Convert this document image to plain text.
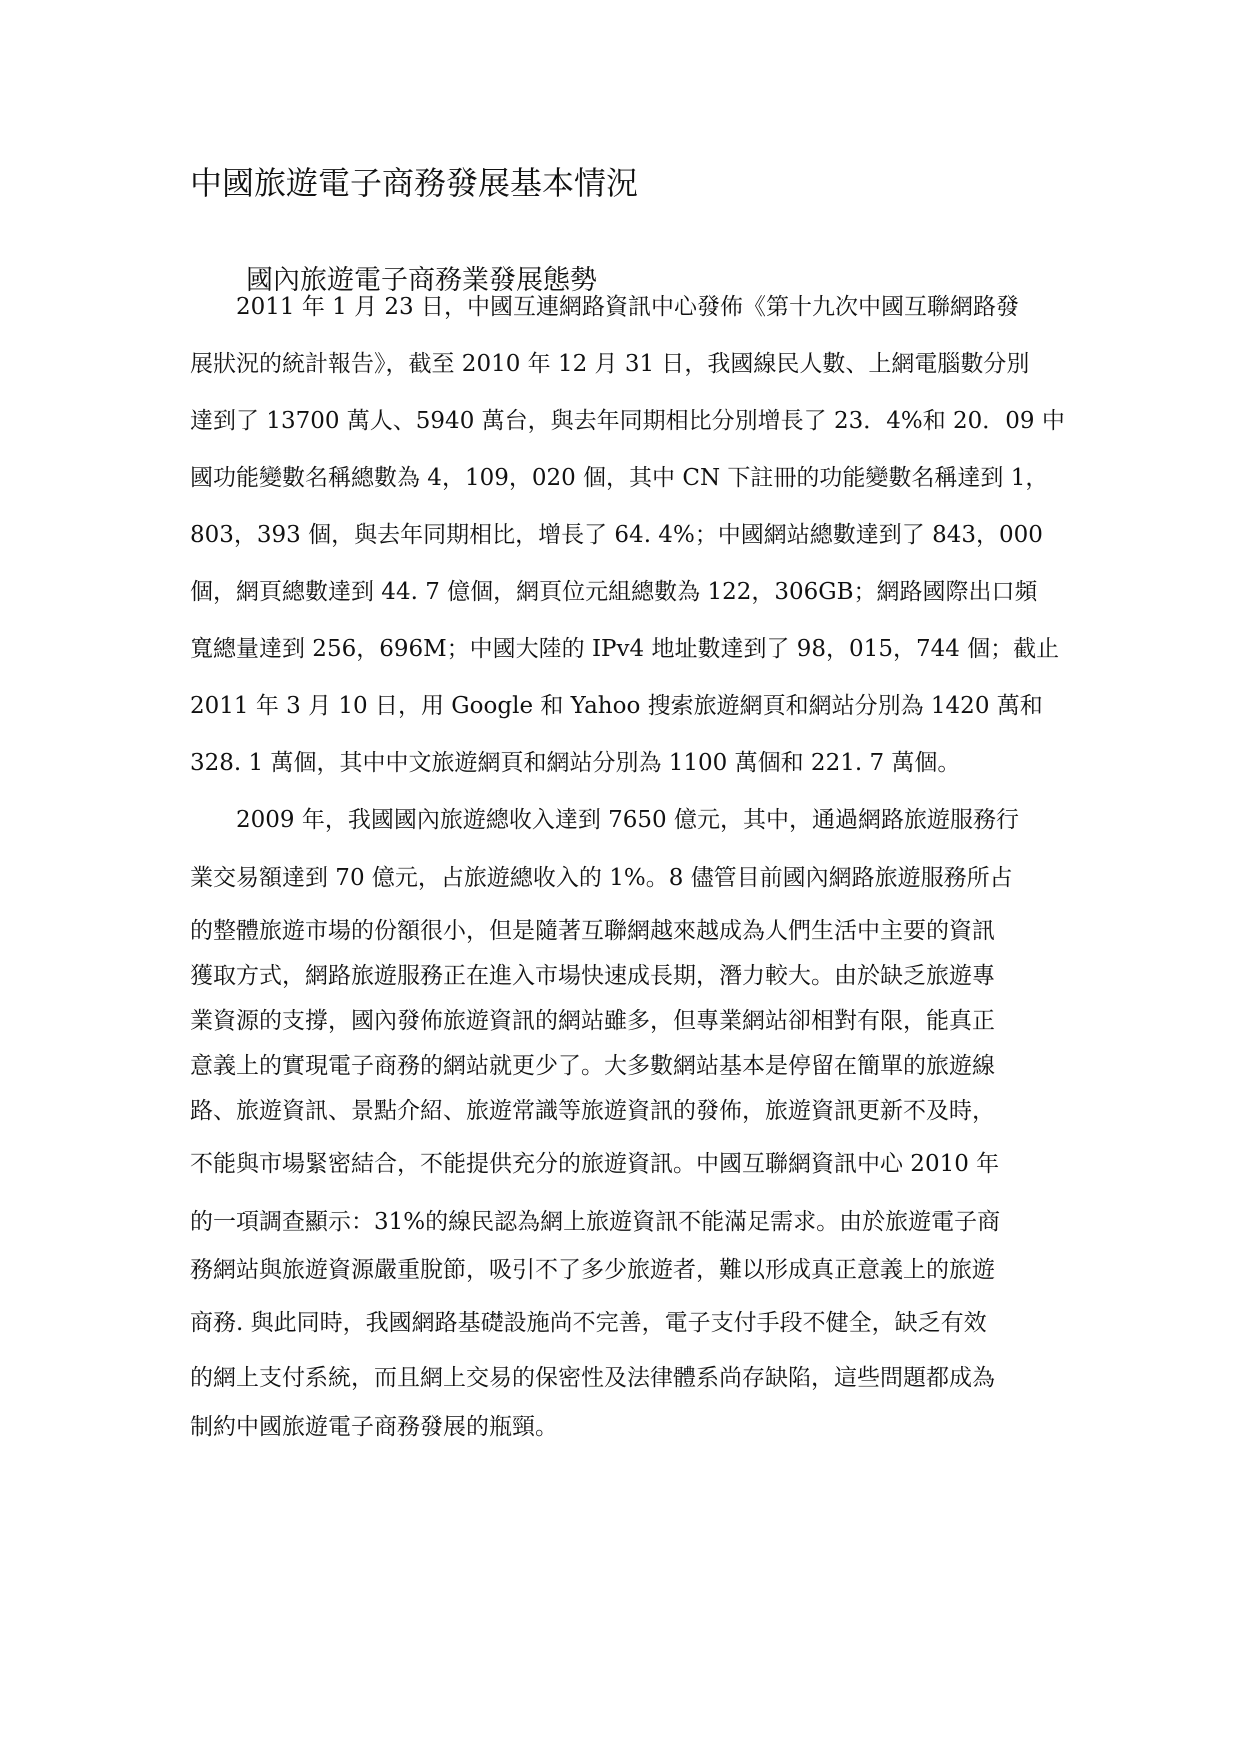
中國旅遊電子商務發展基本情況
國內旅遊電子商務業發展態勢
2011 年 1 月 23 日，中國互連網路資訊中心發佈《第十九次中國互聯網路發
展狀況的統計報告》，截至 2010 年 12 月 31 日，我國線民人數、上網電腦數分別
達到了 13700 萬人、5940 萬台，與去年同期相比分別增長了 23．4%和 20．09 中
國功能變數名稱總數為 4，109，020 個，其中 CN 下註冊的功能變數名稱達到 1，
803，393 個，與去年同期相比，增長了 64. 4%；中國網站總數達到了 843，000
個，網頁總數達到 44. 7 億個，網頁位元組總數為 122，306GB；網路國際出口頻
寬總量達到 256，696M；中國大陸的 IPv4 地址數達到了 98，015，744 個；截止
2011 年 3 月 10 日，用 Google 和 Yahoo 搜索旅遊網頁和網站分別為 1420 萬和
328. 1 萬個，其中中文旅遊網頁和網站分別為 1100 萬個和 221. 7 萬個。
2009 年，我國國內旅遊總收入達到 7650 億元，其中，通過網路旅遊服務行
業交易額達到 70 億元，占旅遊總收入的 1%。8 儘管目前國內網路旅遊服務所占
的整體旅遊市場的份額很小，但是隨著互聯網越來越成為人們生活中主要的資訊
獲取方式，網路旅遊服務正在進入市場快速成長期，潛力較大。由於缺乏旅遊專
業資源的支撐，國內發佈旅遊資訊的網站雖多，但專業網站卻相對有限，能真正
意義上的實現電子商務的網站就更少了。大多數網站基本是停留在簡單的旅遊線
路、旅遊資訊、景點介紹、旅遊常識等旅遊資訊的發佈，旅遊資訊更新不及時，
不能與市場緊密結合，不能提供充分的旅遊資訊。中國互聯網資訊中心 2010 年
的一項調查顯示：31%的線民認為網上旅遊資訊不能滿足需求。由於旅遊電子商
務網站與旅遊資源嚴重脫節，吸引不了多少旅遊者，難以形成真正意義上的旅遊
商務. 與此同時，我國網路基礎設施尚不完善，電子支付手段不健全，缺乏有效
的網上支付系統，而且網上交易的保密性及法律體系尚存缺陷，這些問題都成為
制約中國旅遊電子商務發展的瓶頸。
